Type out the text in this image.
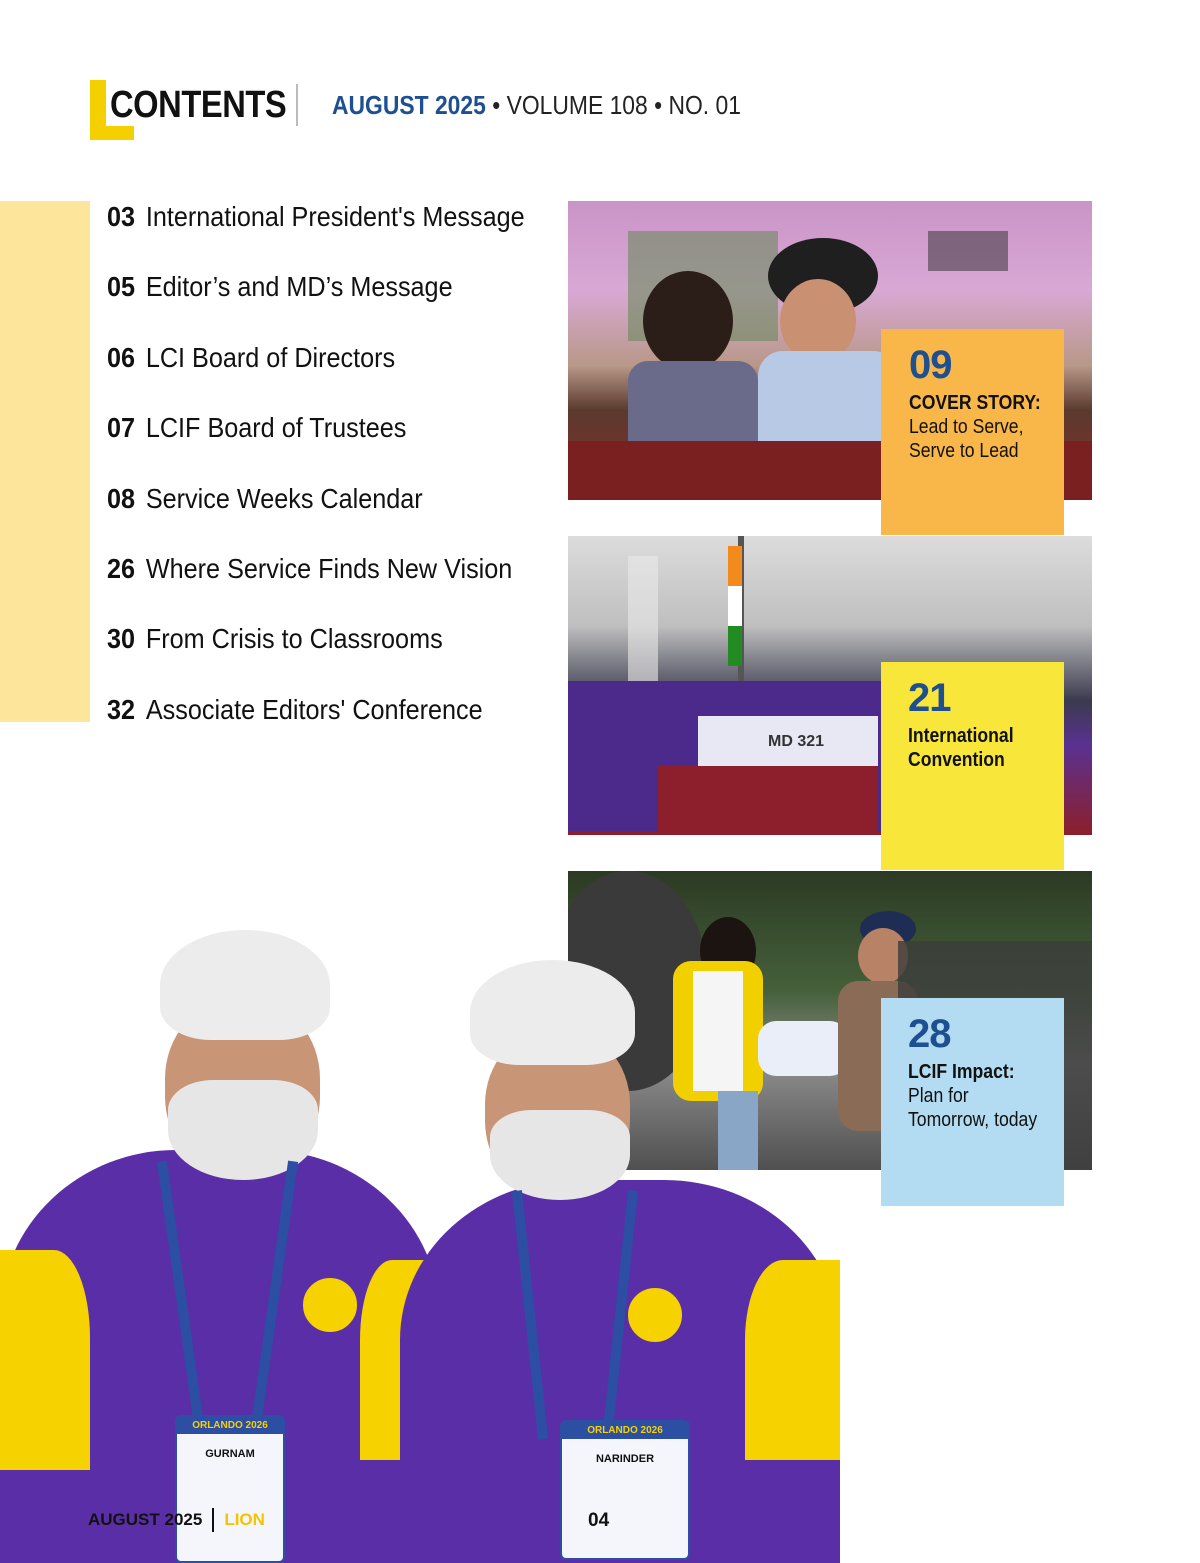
CONTENTS AUGUST 2025 • VOLUME 108 • NO. 01
03 International President's Message
05 Editor’s and MD’s Message
06 LCI Board of Directors
07 LCIF Board of Trustees
08 Service Weeks Calendar
26 Where Service Finds New Vision
30 From Crisis to Classrooms
32 Associate Editors' Conference
MD 321
09
COVER STORY:
Lead to Serve,
Serve to Lead
21
International
Convention
28
LCIF Impact:
Plan for
Tomorrow, today
ORLANDO 2026
GURNAM
ORLANDO 2026
NARINDER
AUGUST 2025 LION	04
